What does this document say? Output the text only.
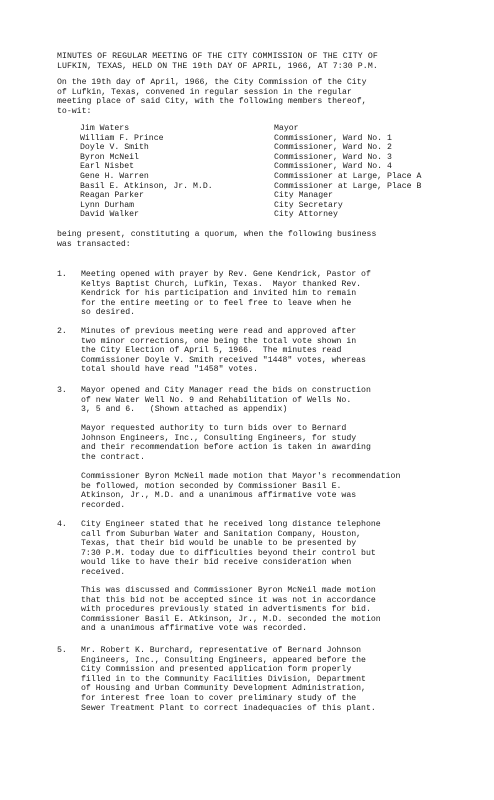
MINUTES OF REGULAR MEETING OF THE CITY COMMISSION OF THE CITY OF
LUFKIN, TEXAS, HELD ON THE 19th DAY OF APRIL, 1966, AT 7:30 P.M.
On the 19th day of April, 1966, the City Commission of the City
of Lufkin, Texas, convened in regular session in the regular
meeting place of said City, with the following members thereof,
to-wit:
Jim Waters	Mayor
William F. Prince	Commissioner, Ward No. 1
Doyle V. Smith	Commissioner, Ward No. 2
Byron McNeil	Commissioner, Ward No. 3
Earl Nisbet	Commissioner, Ward No. 4
Gene H. Warren	Commissioner at Large, Place A
Basil E. Atkinson, Jr. M.D.	Commissioner at Large, Place B
Reagan Parker	City Manager
Lynn Durham	City Secretary
David Walker	City Attorney
being present, constituting a quorum, when the following business
was transacted:
1. Meeting opened with prayer by Rev. Gene Kendrick, Pastor of
Keltys Baptist Church, Lufkin, Texas.  Mayor thanked Rev.
Kendrick for his participation and invited him to remain
for the entire meeting or to feel free to leave when he
so desired.
2. Minutes of previous meeting were read and approved after
two minor corrections, one being the total vote shown in
the City Election of April 5, 1966.  The minutes read
Commissioner Doyle V. Smith received "1448" votes, whereas
total should have read "1458" votes.
3. Mayor opened and City Manager read the bids on construction
of new Water Well No. 9 and Rehabilitation of Wells No.
3, 5 and 6.   (Shown attached as appendix)
Mayor requested authority to turn bids over to Bernard
Johnson Engineers, Inc., Consulting Engineers, for study
and their recommendation before action is taken in awarding
the contract.
Commissioner Byron McNeil made motion that Mayor's recommendation
be followed, motion seconded by Commissioner Basil E.
Atkinson, Jr., M.D. and a unanimous affirmative vote was
recorded.
4. City Engineer stated that he received long distance telephone
call from Suburban Water and Sanitation Company, Houston,
Texas, that their bid would be unable to be presented by
7:30 P.M. today due to difficulties beyond their control but
would like to have their bid receive consideration when
received.
This was discussed and Commissioner Byron McNeil made motion
that this bid not be accepted since it was not in accordance
with procedures previously stated in advertisments for bid.
Commissioner Basil E. Atkinson, Jr., M.D. seconded the motion
and a unanimous affirmative vote was recorded.
5. Mr. Robert K. Burchard, representative of Bernard Johnson
Engineers, Inc., Consulting Engineers, appeared before the
City Commission and presented application form properly
filled in to the Community Facilities Division, Department
of Housing and Urban Community Development Administration,
for interest free loan to cover preliminary study of the
Sewer Treatment Plant to correct inadequacies of this plant.
